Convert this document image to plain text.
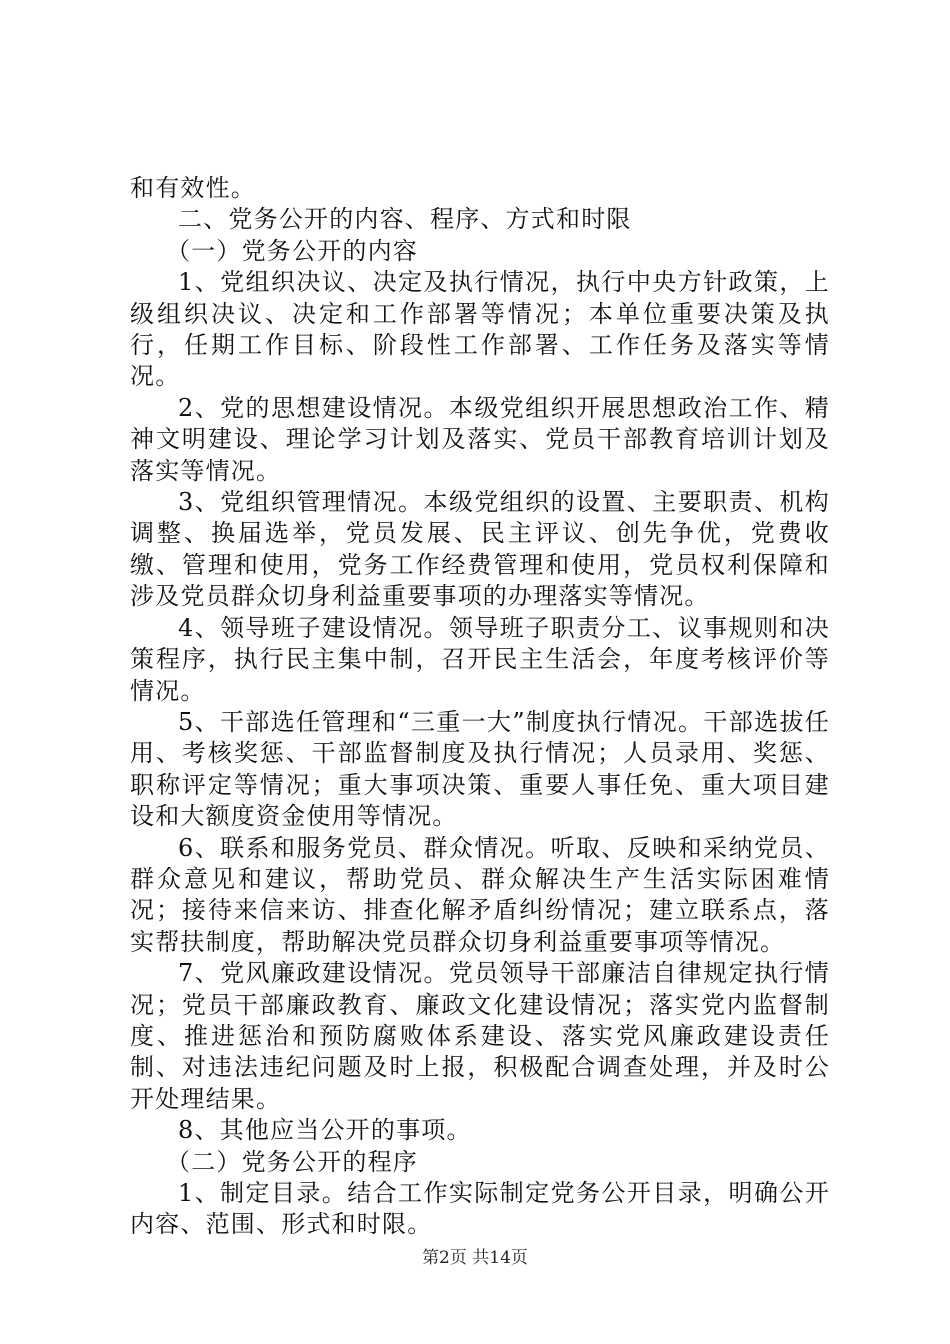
和有效性。

二、党务公开的内容、程序、方式和时限

（一）党务公开的内容

1、党组织决议、决定及执行情况，执行中央方针政策，上级组织决议、决定和工作部署等情况；本单位重要决策及执行，任期工作目标、阶段性工作部署、工作任务及落实等情况。

2、党的思想建设情况。本级党组织开展思想政治工作、精神文明建设、理论学习计划及落实、党员干部教育培训计划及落实等情况。

3、党组织管理情况。本级党组织的设置、主要职责、机构调整、换届选举，党员发展、民主评议、创先争优，党费收缴、管理和使用，党务工作经费管理和使用，党员权利保障和涉及党员群众切身利益重要事项的办理落实等情况。

4、领导班子建设情况。领导班子职责分工、议事规则和决策程序，执行民主集中制，召开民主生活会，年度考核评价等情况。

5、干部选任管理和“三重一大”制度执行情况。干部选拔任用、考核奖惩、干部监督制度及执行情况；人员录用、奖惩、职称评定等情况；重大事项决策、重要人事任免、重大项目建设和大额度资金使用等情况。

6、联系和服务党员、群众情况。听取、反映和采纳党员、群众意见和建议，帮助党员、群众解决生产生活实际困难情况；接待来信来访、排查化解矛盾纠纷情况；建立联系点，落实帮扶制度，帮助解决党员群众切身利益重要事项等情况。

7、党风廉政建设情况。党员领导干部廉洁自律规定执行情况；党员干部廉政教育、廉政文化建设情况；落实党内监督制度、推进惩治和预防腐败体系建设、落实党风廉政建设责任制、对违法违纪问题及时上报，积极配合调查处理，并及时公开处理结果。

8、其他应当公开的事项。

（二）党务公开的程序

1、制定目录。结合工作实际制定党务公开目录，明确公开内容、范围、形式和时限。

第2页 共14页
